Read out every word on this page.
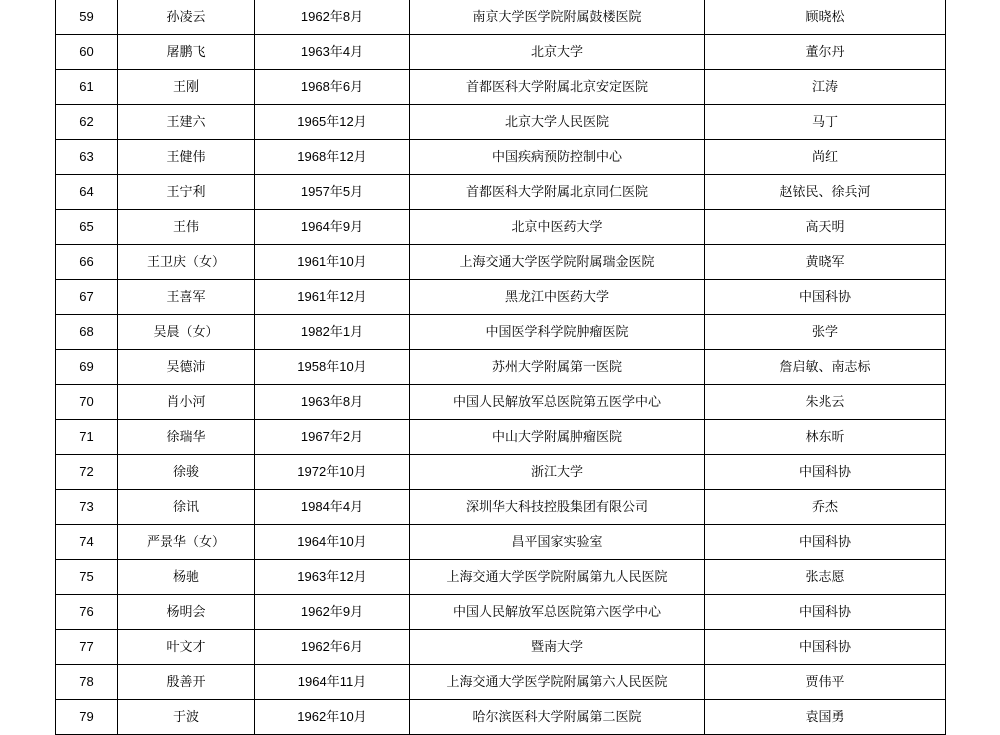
59	孙凌云	1962年8月	南京大学医学院附属鼓楼医院	顾晓松
60	屠鹏飞	1963年4月	北京大学	董尔丹
61	王刚	1968年6月	首都医科大学附属北京安定医院	江涛
62	王建六	1965年12月	北京大学人民医院	马丁
63	王健伟	1968年12月	中国疾病预防控制中心	尚红
64	王宁利	1957年5月	首都医科大学附属北京同仁医院	赵铱民、徐兵河
65	王伟	1964年9月	北京中医药大学	高天明
66	王卫庆（女）	1961年10月	上海交通大学医学院附属瑞金医院	黄晓军
67	王喜军	1961年12月	黑龙江中医药大学	中国科协
68	吴晨（女）	1982年1月	中国医学科学院肿瘤医院	张学
69	吴德沛	1958年10月	苏州大学附属第一医院	詹启敏、南志标
70	肖小河	1963年8月	中国人民解放军总医院第五医学中心	朱兆云
71	徐瑞华	1967年2月	中山大学附属肿瘤医院	林东昕
72	徐骏	1972年10月	浙江大学	中国科协
73	徐讯	1984年4月	深圳华大科技控股集团有限公司	乔杰
74	严景华（女）	1964年10月	昌平国家实验室	中国科协
75	杨驰	1963年12月	上海交通大学医学院附属第九人民医院	张志愿
76	杨明会	1962年9月	中国人民解放军总医院第六医学中心	中国科协
77	叶文才	1962年6月	暨南大学	中国科协
78	殷善开	1964年11月	上海交通大学医学院附属第六人民医院	贾伟平
79	于波	1962年10月	哈尔滨医科大学附属第二医院	袁国勇
